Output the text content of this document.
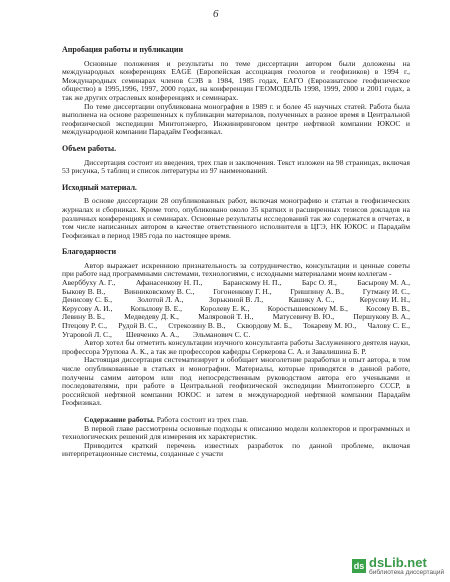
6

Апробация работы и публикации

Основные положения и результаты по теме диссертации автором были доложены на международных конференциях EAGE (Европейская ассоциация геологов и геофизиков) в 1994 г., Международных семинарах членов СЭВ в 1984, 1985 годах, ЕАГО (Евроазиатское геофизическое общество) в 1995,1996, 1997, 2000 годах, на конференции ГЕОМОДЕЛЬ 1998, 1999, 2000 и 2001 годах, а так же других отраслевых конференциях и семинарах.

По теме диссертации опубликована монография в 1989 г. и более 45 научных статей. Работа была выполнена на основе разрешенных к публикации материалов, полученных в разное время в Центральной геофизической экспедиции Минтопэнерго, Инжиниринговом центре нефтяной компании ЮКОС и международной компании Парадайм Геофизикал.

Объем работы.

Диссертация состоит из введения, трех глав и заключения. Текст изложен на 98 страницах, включая 53 рисунка, 5 таблиц и список литературы из 97 наименований.

Исходный материал.

В основе диссертации 28 опубликованных работ, включая монографию и статьи в геофизических журналах и сборниках. Кроме того, опубликовано около 35 кратких и расширенных тезисов докладов на различных конференциях и семинарах. Основные результаты исследований так же содержатся в отчетах, в том числе написанных автором в качестве ответственного исполнителя в ЦГЭ, НК ЮКОС и Парадайм Геофизикал в период 1985 года по настоящее время.

Благодарности

Автор выражает искреннюю признательность за сотрудничество, консультации и ценные советы при работе над программными системами, технологиями, с исходными материалами моим коллегам -

Аверббуху А. Г.,	Афанасенкову Н. П.,	Баранскому Н. П.,	Барс О. Я.,	Басырову М. А.,
Быкову В. В., Винниковскому В. С., Гогоненкову Г. Н., Гришпину А. В., Гутману И. С.,
Денисову С. Б.,	Золотой Л. А.,	Зорькиной В. Л.,	Кашику А. С.,	Керусову И. Н.,
Керусову А. И., Копылову В. Е., Королеву Е. К., Коростышевскому М. Б., Косому В. В.,
Левину В. Б.,	Медведеву Д. К.,	Маляровой Т. Н.,	Матусевичу В. Ю.,	Першукову В. А.,
Птецову Р. С., Рудой В. С., Стрекозину В. В., Сквордову М. Б., Токареву М. Ю., Чаловy С. Е.,
Угаровой Л. С., Шевченко А. А., Эльманович С. С.

Автор хотел бы отметить консультации изучного консультанта работы Заслуженного деятеля науки, профессора Урупова А. К., а так же профессоров кафедры Серкерова С. А. и Завалишина Б. Р.

Настоящая диссертация систематизирует и обобщает многолетние разработки и опыт автора, в том числе опубликованные в статьях и монографии. Материалы, которые приводятся в данной работе, получены самим автором или под непосредственным руководством автора его ученыками и последователями, при работе в Центральной геофизической экспедиции Минтопэнерго СССР, в российской нефтяной компании ЮКОС и затем в международной нефтяной компании Парадайм Геофизикал.

Содержание работы. Работа состоит из трех глав.

В первой главе рассмотрены основные подходы к описанию модели коллекторов и программных и технологических решений для измерения их характеристик.

Приводится краткий перечень известных разработок по данной проблеме, включая интерпретационные системы, созданные с участи

ds dsLib.net
библиотека диссертаций
